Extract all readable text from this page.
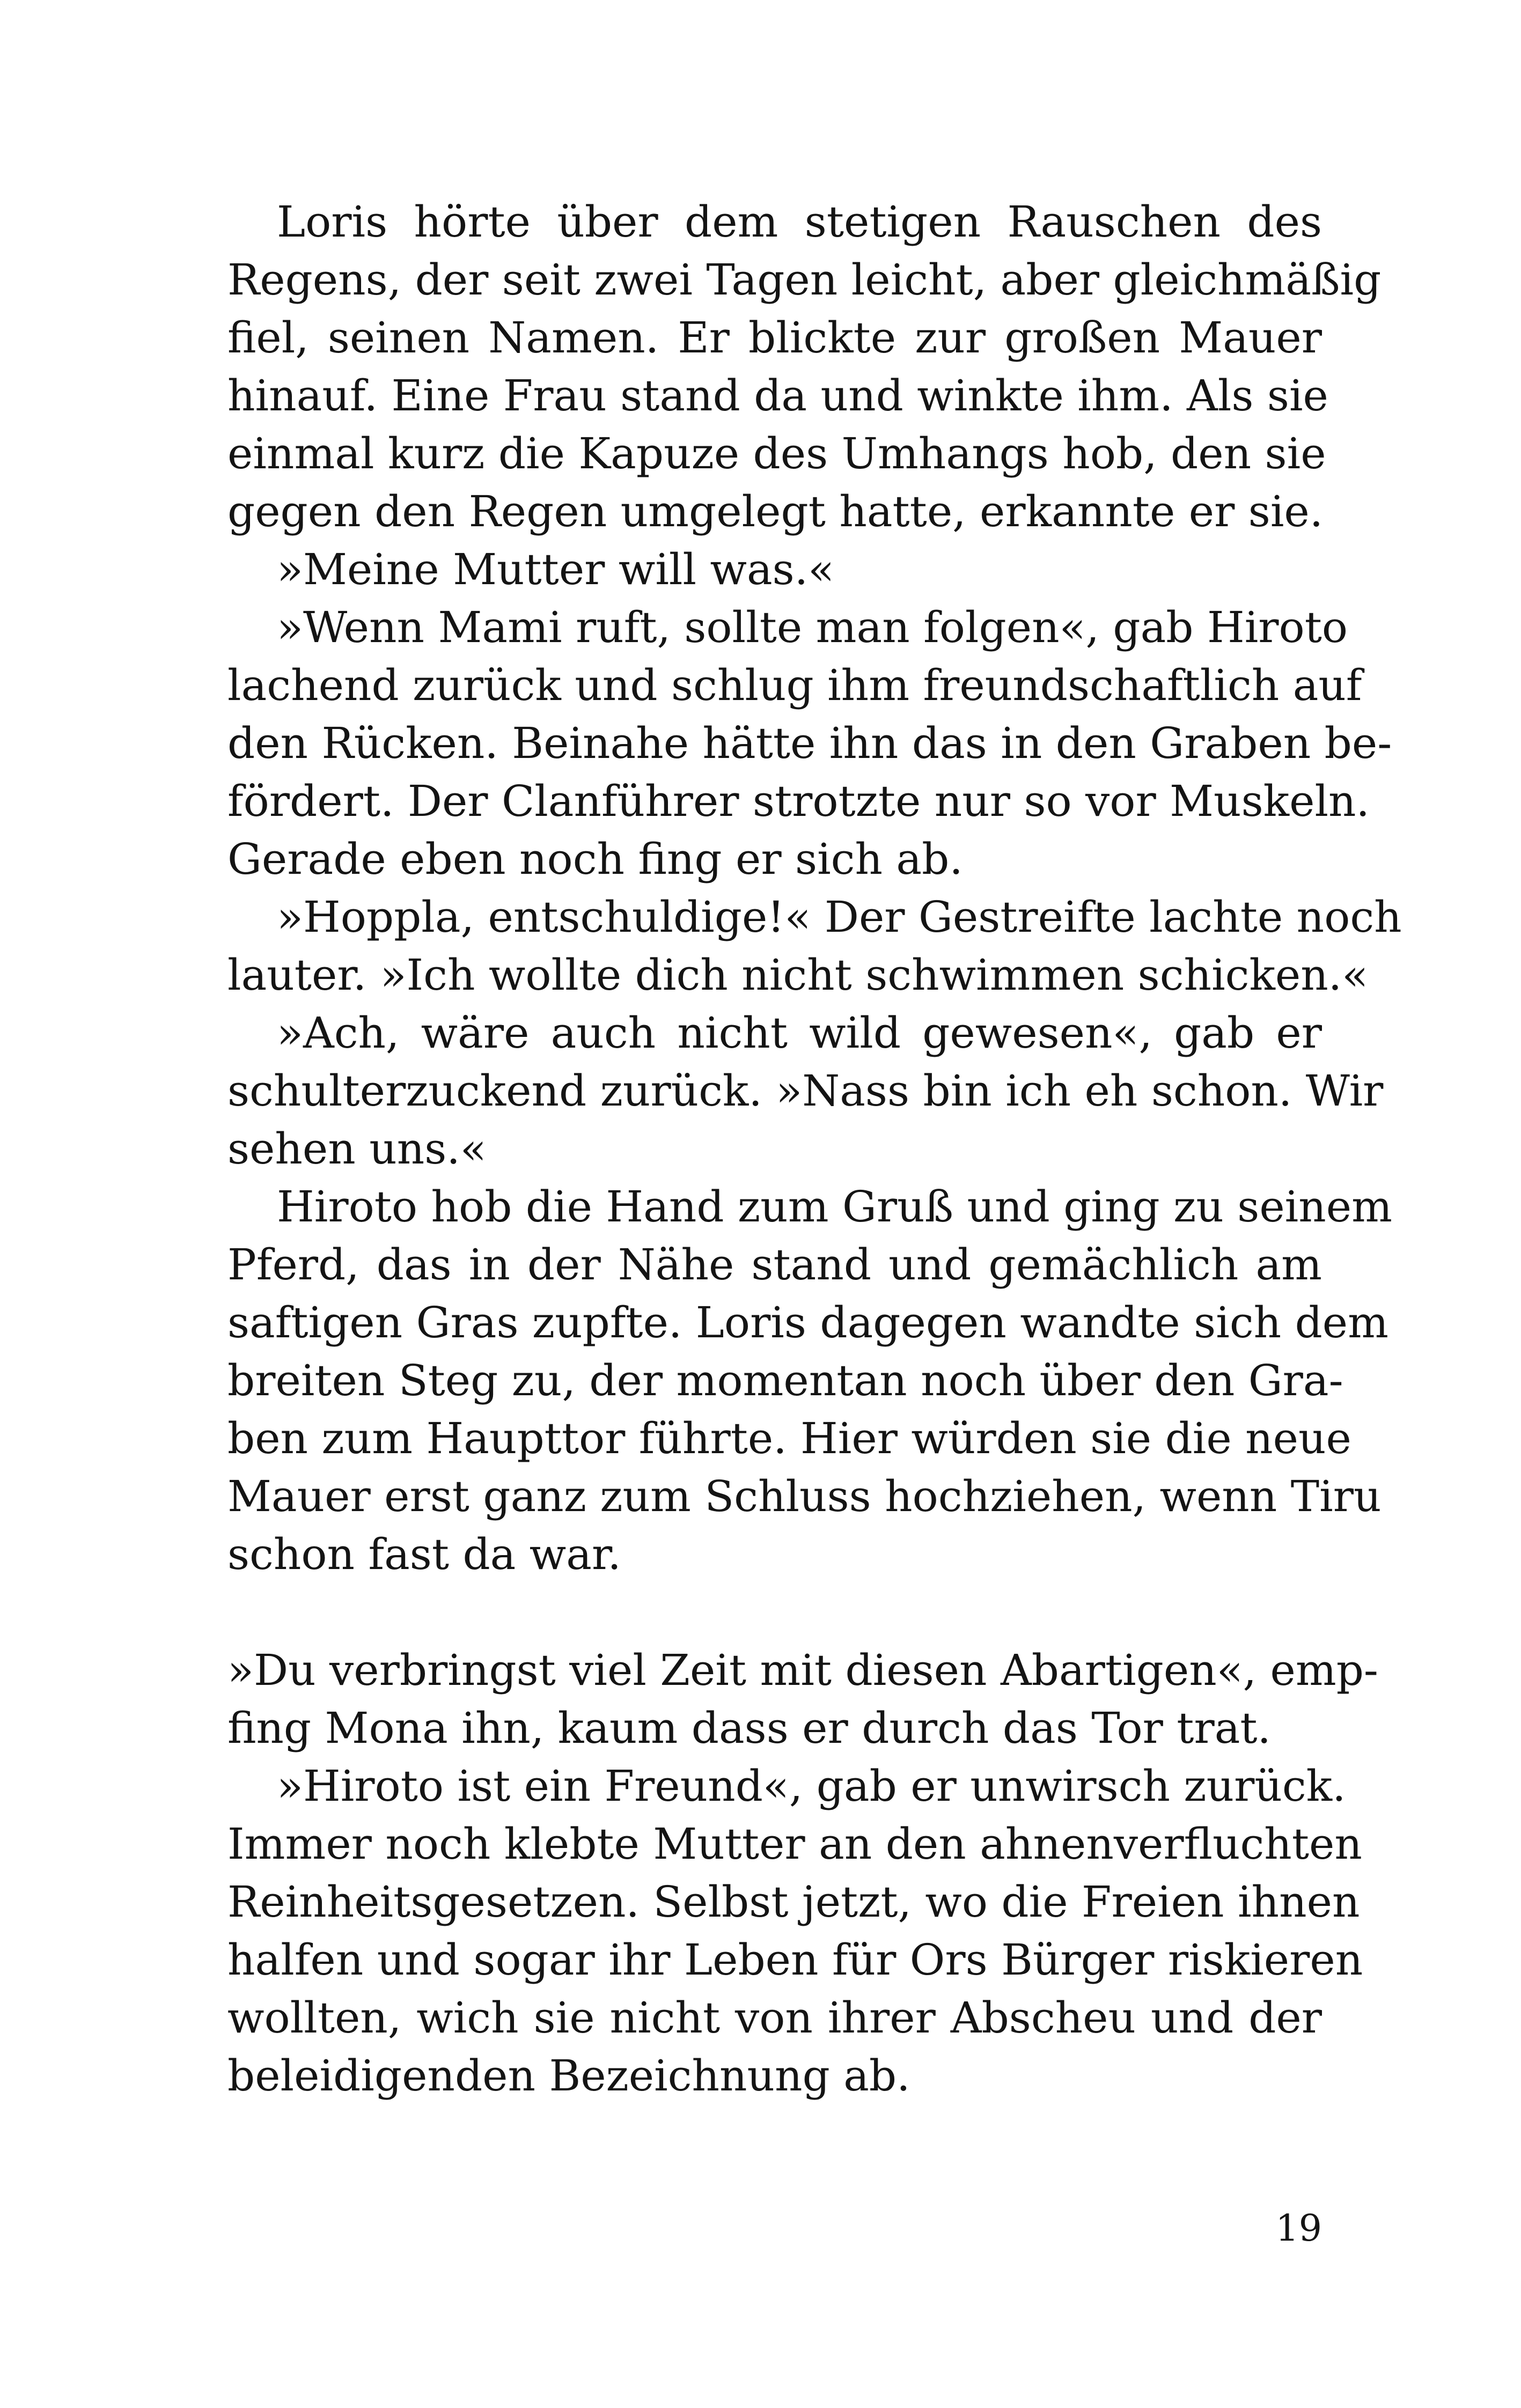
Loris hörte über dem stetigen Rauschen des
Regens, der seit zwei Tagen leicht, aber gleichmäßig
fiel, seinen Namen. Er blickte zur großen Mauer
hinauf. Eine Frau stand da und winkte ihm. Als sie
einmal kurz die Kapuze des Umhangs hob, den sie
gegen den Regen umgelegt hatte, erkannte er sie.
»Meine Mutter will was.«
»Wenn Mami ruft, sollte man folgen«, gab Hiroto
lachend zurück und schlug ihm freundschaftlich auf
den Rücken. Beinahe hätte ihn das in den Graben be-
fördert. Der Clanführer strotzte nur so vor Muskeln.
Gerade eben noch fing er sich ab.
»Hoppla, entschuldige!« Der Gestreifte lachte noch
lauter. »Ich wollte dich nicht schwimmen schicken.«
»Ach, wäre auch nicht wild gewesen«, gab er
schulterzuckend zurück. »Nass bin ich eh schon. Wir
sehen uns.«
Hiroto hob die Hand zum Gruß und ging zu seinem
Pferd, das in der Nähe stand und gemächlich am
saftigen Gras zupfte. Loris dagegen wandte sich dem
breiten Steg zu, der momentan noch über den Gra-
ben zum Haupttor führte. Hier würden sie die neue
Mauer erst ganz zum Schluss hochziehen, wenn Tiru
schon fast da war.
»Du verbringst viel Zeit mit diesen Abartigen«, emp-
fing Mona ihn, kaum dass er durch das Tor trat.
»Hiroto ist ein Freund«, gab er unwirsch zurück.
Immer noch klebte Mutter an den ahnenverfluchten
Reinheitsgesetzen. Selbst jetzt, wo die Freien ihnen
halfen und sogar ihr Leben für Ors Bürger riskieren
wollten, wich sie nicht von ihrer Abscheu und der
beleidigenden Bezeichnung ab.
19
